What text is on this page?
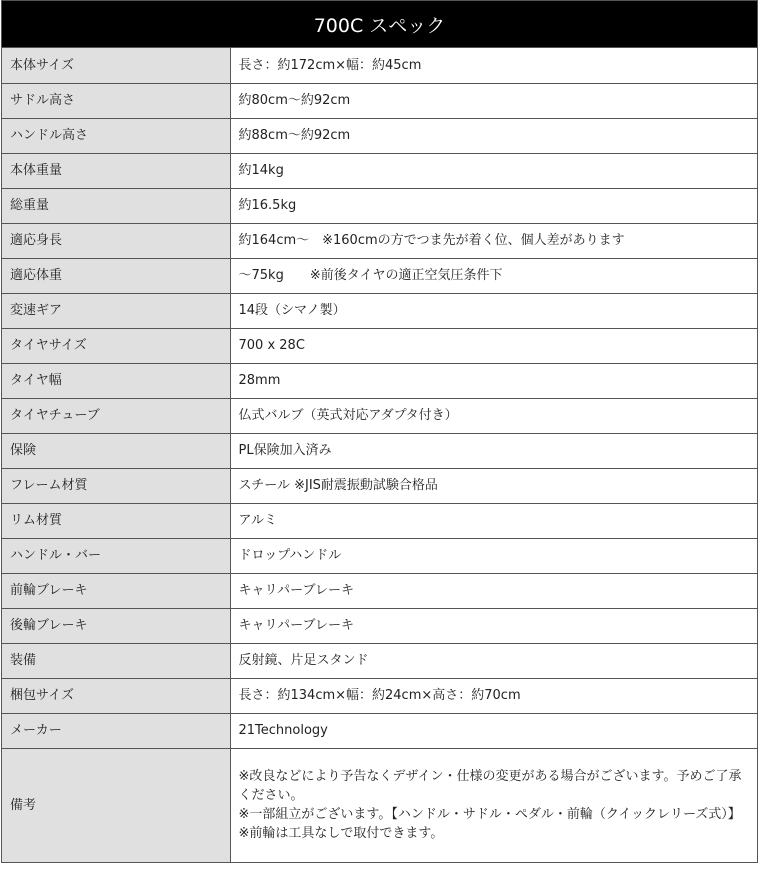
700C スペック
本体サイズ	長さ：約172cm×幅：約45cm
サドル高さ	約80cm～約92cm
ハンドル高さ	約88cm～約92cm
本体重量	約14kg
総重量	約16.5kg
適応身長	約164cm～　※160cmの方でつま先が着く位、個人差があります
適応体重	～75kg　　※前後タイヤの適正空気圧条件下
変速ギア	14段（シマノ製）
タイヤサイズ	700 x 28C
タイヤ幅	28mm
タイヤチューブ	仏式バルブ（英式対応アダプタ付き）
保険	PL保険加入済み
フレーム材質	スチール ※JIS耐震振動試験合格品
リム材質	アルミ
ハンドル・バー	ドロップハンドル
前輪ブレーキ	キャリパーブレーキ
後輪ブレーキ	キャリパーブレーキ
装備	反射鏡、片足スタンド
梱包サイズ	長さ：約134cm×幅：約24cm×高さ：約70cm
メーカー	21Technology
備考	※改良などにより予告なくデザイン・仕様の変更がある場合がございます。予めご了承ください。
※一部組立がございます。【ハンドル・サドル・ペダル・前輪（クイックレリーズ式）】
※前輪は工具なしで取付できます。
